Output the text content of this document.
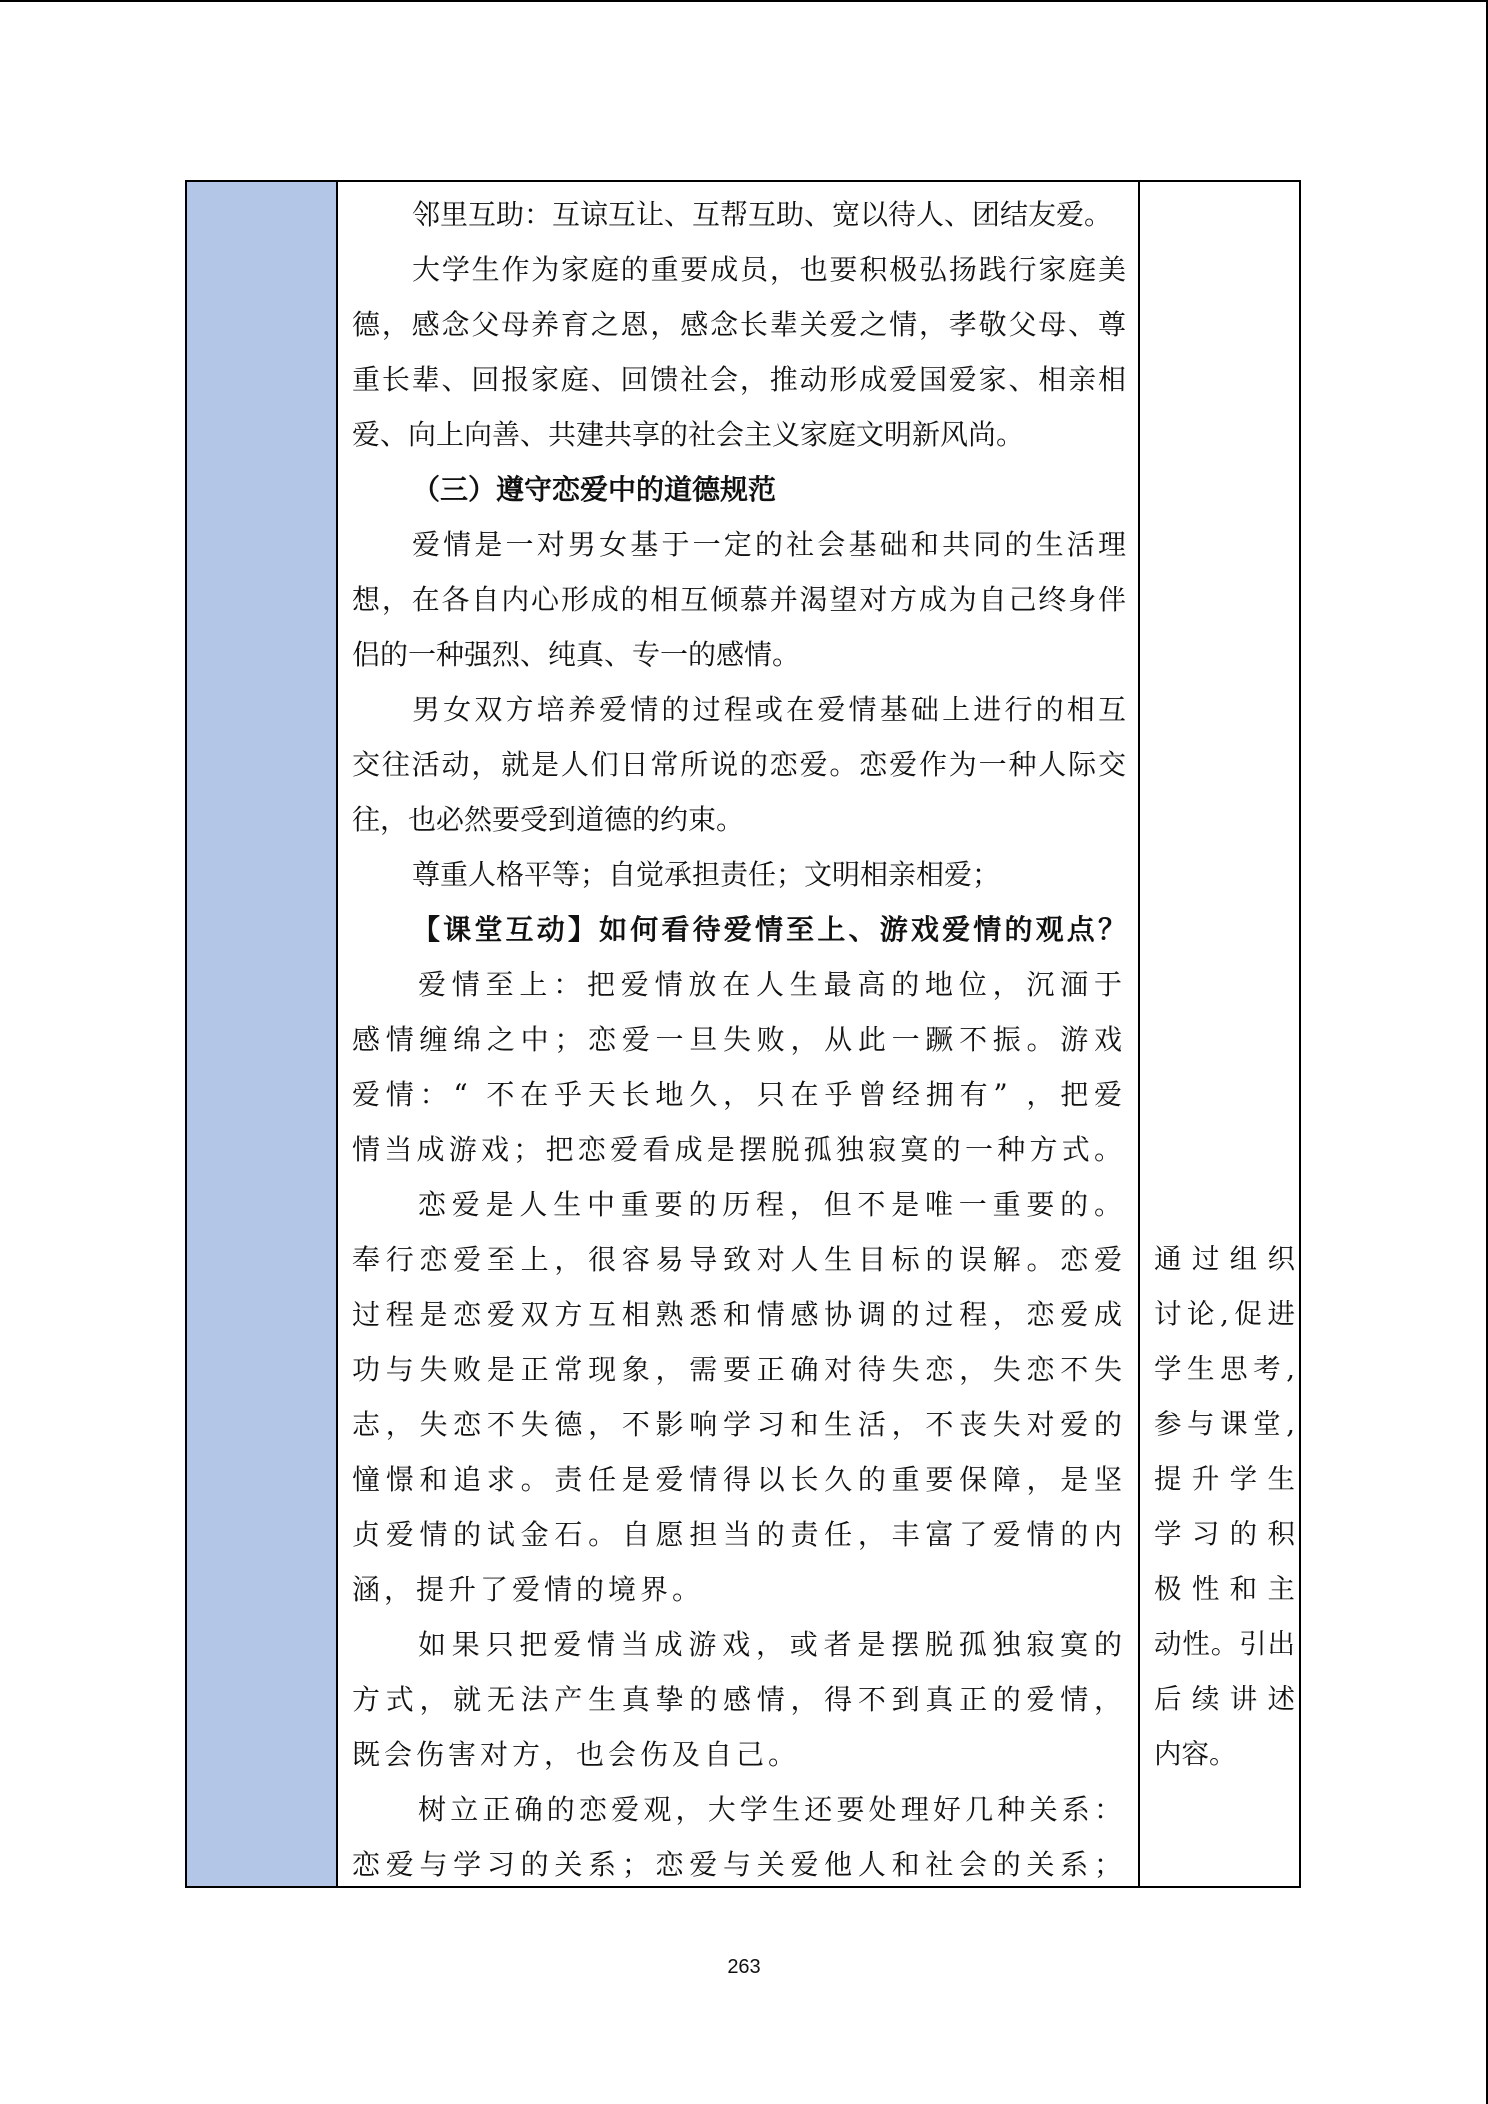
邻里互助：互谅互让、互帮互助、宽以待人、团结友爱。
大学生作为家庭的重要成员，也要积极弘扬践行家庭美
德，感念父母养育之恩，感念长辈关爱之情，孝敬父母、尊
重长辈、回报家庭、回馈社会，推动形成爱国爱家、相亲相
爱、向上向善、共建共享的社会主义家庭文明新风尚。
（三）遵守恋爱中的道德规范
爱情是一对男女基于一定的社会基础和共同的生活理
想，在各自内心形成的相互倾慕并渴望对方成为自己终身伴
侣的一种强烈、纯真、专一的感情。
男女双方培养爱情的过程或在爱情基础上进行的相互
交往活动，就是人们日常所说的恋爱。恋爱作为一种人际交
往，也必然要受到道德的约束。
尊重人格平等；自觉承担责任；文明相亲相爱；
【课堂互动】如何看待爱情至上、游戏爱情的观点？
爱情至上：把爱情放在人生最高的地位，沉湎于
感情缠绵之中；恋爱一旦失败，从此一蹶不振。游戏
爱情：“ 不在乎天长地久，只在乎曾经拥有” ，把爱
情当成游戏；把恋爱看成是摆脱孤独寂寞的一种方式。
恋爱是人生中重要的历程，但不是唯一重要的。
奉行恋爱至上，很容易导致对人生目标的误解。恋爱
过程是恋爱双方互相熟悉和情感协调的过程，恋爱成
功与失败是正常现象，需要正确对待失恋，失恋不失
志，失恋不失德，不影响学习和生活，不丧失对爱的
憧憬和追求。责任是爱情得以长久的重要保障，是坚
贞爱情的试金石。自愿担当的责任，丰富了爱情的内
涵，提升了爱情的境界。
如果只把爱情当成游戏，或者是摆脱孤独寂寞的
方式，就无法产生真挚的感情，得不到真正的爱情，
既会伤害对方，也会伤及自己。
树立正确的恋爱观，大学生还要处理好几种关系：
恋爱与学习的关系；恋爱与关爱他人和社会的关系；
通过组织
讨论,促进
学生思考,
参与课堂,
提升学生
学习的积
极性和主
动性。引出
后续讲述
内容。
263
